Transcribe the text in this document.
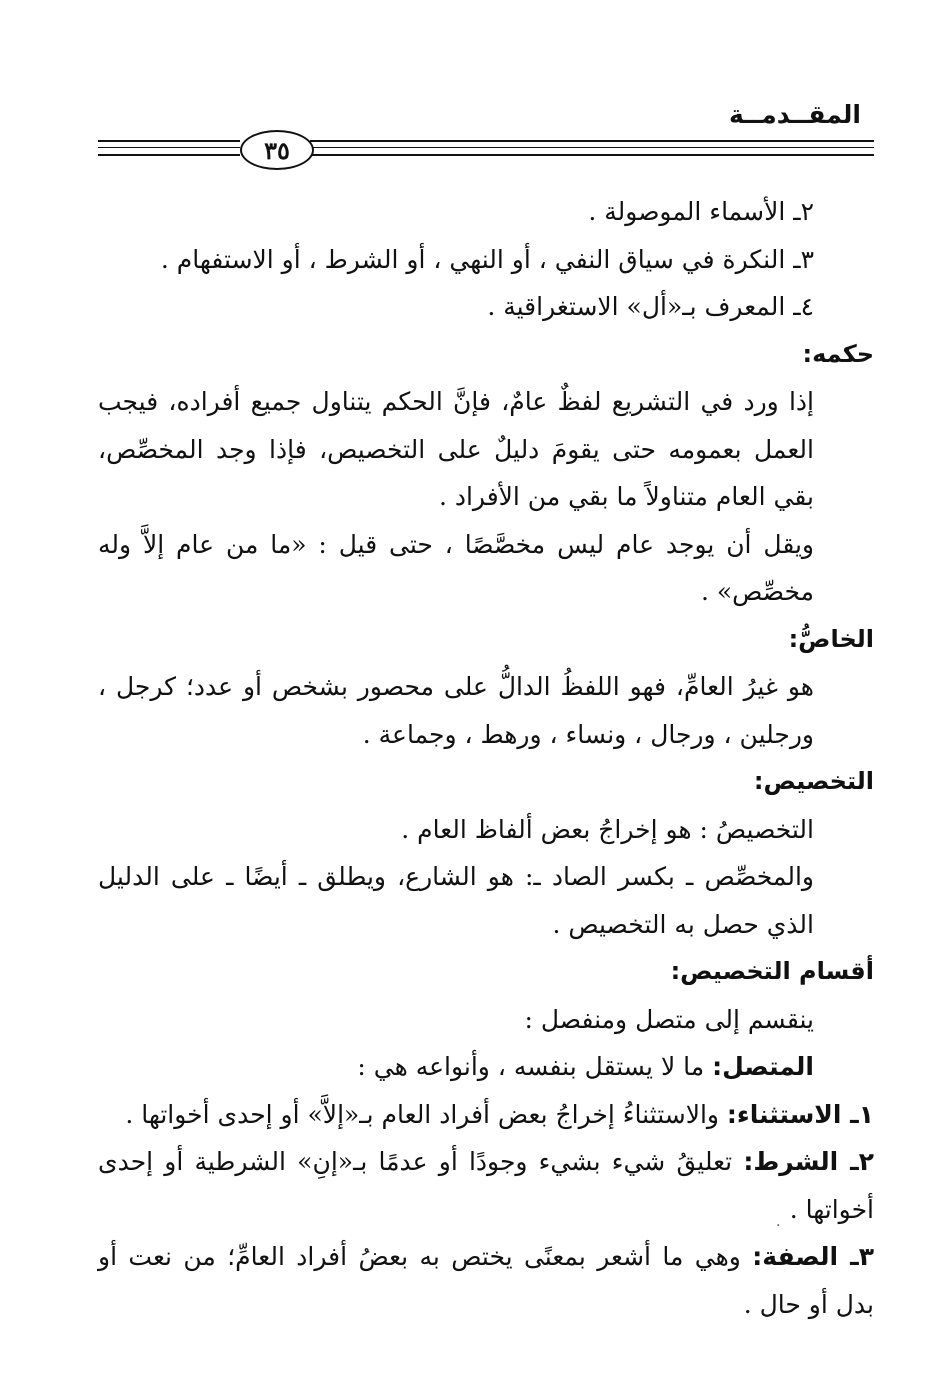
المقــدمــة
٣٥

٢ـ الأسماء الموصولة .

٣ـ النكرة في سياق النفي ، أو النهي ، أو الشرط ، أو الاستفهام .

٤ـ المعرف بـ«أل» الاستغراقية .

حكمه:

إذا ورد في التشريع لفظٌ عامٌ، فإنَّ الحكم يتناول جميع أفراده، فيجب العمل بعمومه حتى يقومَ دليلٌ على التخصيص، فإذا وجد المخصِّص، بقي العام متناولاً ما بقي من الأفراد .

ويقل أن يوجد عام ليس مخصَّصًا ، حتى قيل : «ما من عام إلاَّ وله مخصِّص» .

الخاصُّ:

هو غيرُ العامِّ، فهو اللفظُ الدالُّ على محصور بشخص أو عدد؛ كرجل ، ورجلين ، ورجال ، ونساء ، ورهط ، وجماعة .

التخصيص:

التخصيصُ : هو إخراجُ بعض ألفاظ العام .

والمخصِّص ـ بكسر الصاد ـ: هو الشارع، ويطلق ـ أيضًا ـ على الدليل الذي حصل به التخصيص .

أقسام التخصيص:

ينقسم إلى متصل ومنفصل :

المتصل: ما لا يستقل بنفسه ، وأنواعه هي :

١ـ الاستثناء: والاستثناءُ إخراجُ بعض أفراد العام بـ«إلاَّ» أو إحدى أخواتها .

٢ـ الشرط: تعليقُ شيء بشيء وجودًا أو عدمًا بـ«إنِ» الشرطية أو إحدى أخواتها .

٣ـ الصفة: وهي ما أشعر بمعنًى يختص به بعضُ أفراد العامِّ؛ من نعت أو بدل أو حال .

·
